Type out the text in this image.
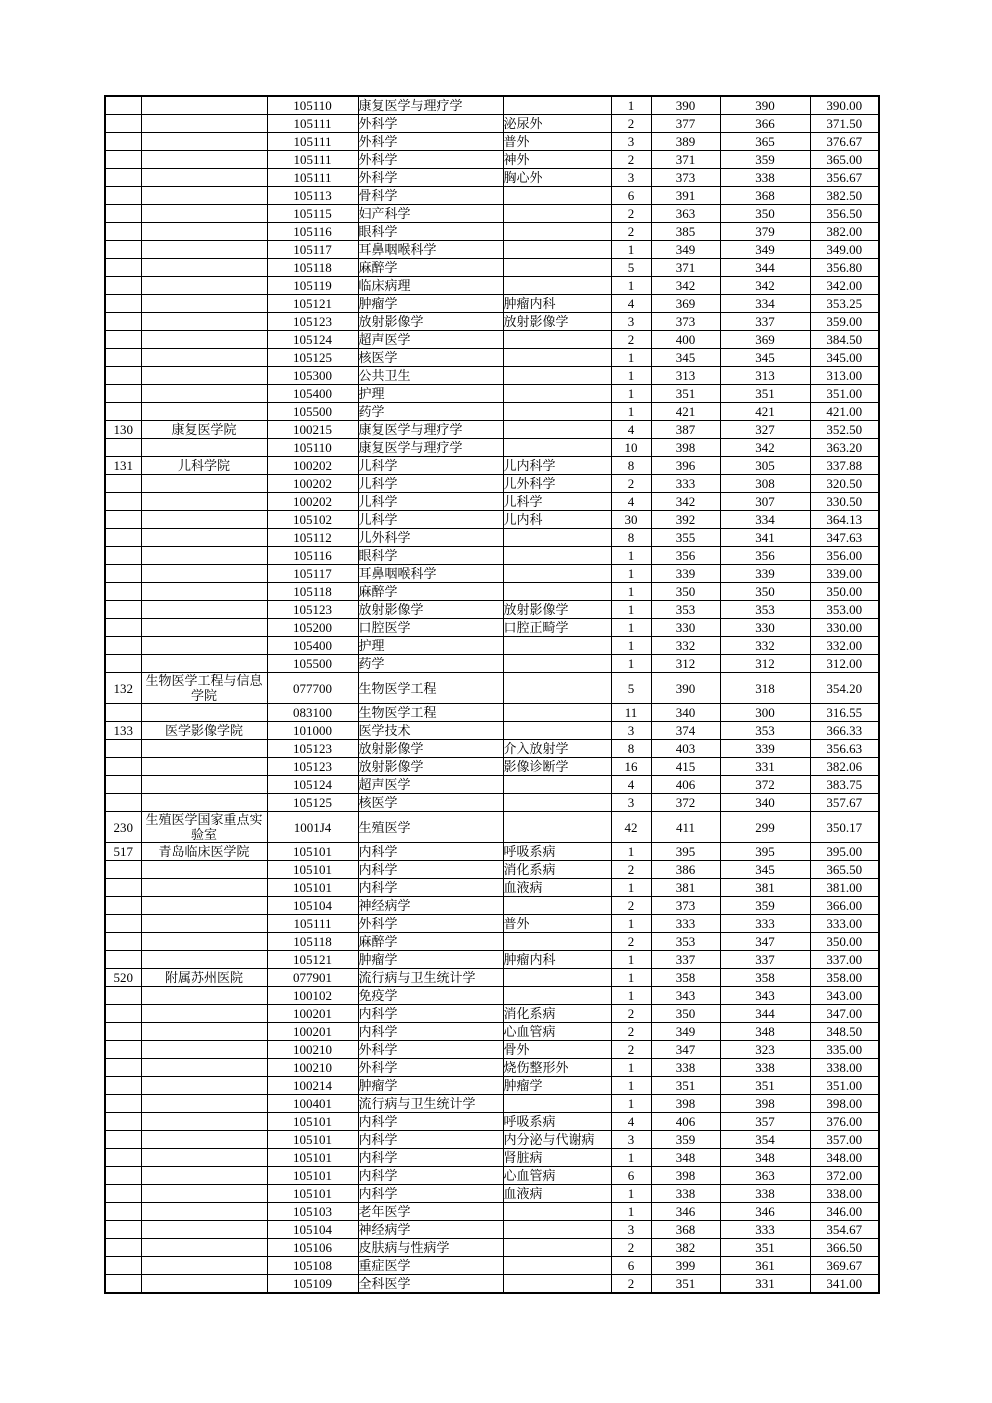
		105110	康复医学与理疗学		1	390	390	390.00
		105111	外科学	泌尿外	2	377	366	371.50
		105111	外科学	普外	3	389	365	376.67
		105111	外科学	神外	2	371	359	365.00
		105111	外科学	胸心外	3	373	338	356.67
		105113	骨科学		6	391	368	382.50
		105115	妇产科学		2	363	350	356.50
		105116	眼科学		2	385	379	382.00
		105117	耳鼻咽喉科学		1	349	349	349.00
		105118	麻醉学		5	371	344	356.80
		105119	临床病理		1	342	342	342.00
		105121	肿瘤学	肿瘤内科	4	369	334	353.25
		105123	放射影像学	放射影像学	3	373	337	359.00
		105124	超声医学		2	400	369	384.50
		105125	核医学		1	345	345	345.00
		105300	公共卫生		1	313	313	313.00
		105400	护理		1	351	351	351.00
		105500	药学		1	421	421	421.00
130	康复医学院	100215	康复医学与理疗学		4	387	327	352.50
		105110	康复医学与理疗学		10	398	342	363.20
131	儿科学院	100202	儿科学	儿内科学	8	396	305	337.88
		100202	儿科学	儿外科学	2	333	308	320.50
		100202	儿科学	儿科学	4	342	307	330.50
		105102	儿科学	儿内科	30	392	334	364.13
		105112	儿外科学		8	355	341	347.63
		105116	眼科学		1	356	356	356.00
		105117	耳鼻咽喉科学		1	339	339	339.00
		105118	麻醉学		1	350	350	350.00
		105123	放射影像学	放射影像学	1	353	353	353.00
		105200	口腔医学	口腔正畸学	1	330	330	330.00
		105400	护理		1	332	332	332.00
		105500	药学		1	312	312	312.00
132	生物医学工程与信息学院	077700	生物医学工程		5	390	318	354.20
		083100	生物医学工程		11	340	300	316.55
133	医学影像学院	101000	医学技术		3	374	353	366.33
		105123	放射影像学	介入放射学	8	403	339	356.63
		105123	放射影像学	影像诊断学	16	415	331	382.06
		105124	超声医学		4	406	372	383.75
		105125	核医学		3	372	340	357.67
230	生殖医学国家重点实验室	1001J4	生殖医学		42	411	299	350.17
517	青岛临床医学院	105101	内科学	呼吸系病	1	395	395	395.00
		105101	内科学	消化系病	2	386	345	365.50
		105101	内科学	血液病	1	381	381	381.00
		105104	神经病学		2	373	359	366.00
		105111	外科学	普外	1	333	333	333.00
		105118	麻醉学		2	353	347	350.00
		105121	肿瘤学	肿瘤内科	1	337	337	337.00
520	附属苏州医院	077901	流行病与卫生统计学		1	358	358	358.00
		100102	免疫学		1	343	343	343.00
		100201	内科学	消化系病	2	350	344	347.00
		100201	内科学	心血管病	2	349	348	348.50
		100210	外科学	骨外	2	347	323	335.00
		100210	外科学	烧伤整形外	1	338	338	338.00
		100214	肿瘤学	肿瘤学	1	351	351	351.00
		100401	流行病与卫生统计学		1	398	398	398.00
		105101	内科学	呼吸系病	4	406	357	376.00
		105101	内科学	内分泌与代谢病	3	359	354	357.00
		105101	内科学	肾脏病	1	348	348	348.00
		105101	内科学	心血管病	6	398	363	372.00
		105101	内科学	血液病	1	338	338	338.00
		105103	老年医学		1	346	346	346.00
		105104	神经病学		3	368	333	354.67
		105106	皮肤病与性病学		2	382	351	366.50
		105108	重症医学		6	399	361	369.67
		105109	全科医学		2	351	331	341.00
